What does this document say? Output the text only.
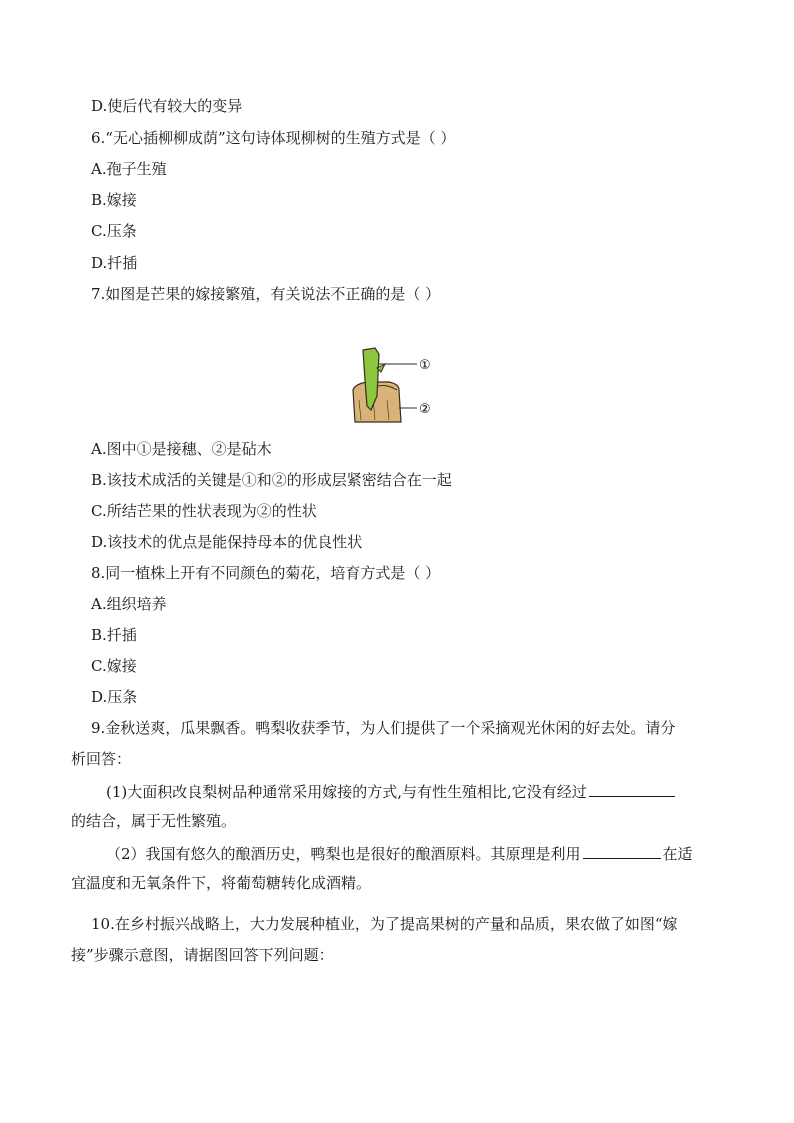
D.使后代有较大的变异
6.“无心插柳柳成荫”这句诗体现柳树的生殖方式是（ ）
A.孢子生殖
B.嫁接
C.压条
D.扦插
7.如图是芒果的嫁接繁殖，有关说法不正确的是（ ）
①
②
A.图中①是接穗、②是砧木
B.该技术成活的关键是①和②的形成层紧密结合在一起
C.所结芒果的性状表现为②的性状
D.该技术的优点是能保持母本的优良性状
8.同一植株上开有不同颜色的菊花，培育方式是（ ）
A.组织培养
B.扦插
C.嫁接
D.压条
9.金秋送爽，瓜果飘香。鸭梨收获季节，为人们提供了一个采摘观光休闲的好去处。请分
析回答：
(1)大面积改良梨树品种通常采用嫁接的方式,与有性生殖相比,它没有经过
的结合，属于无性繁殖。
（2）我国有悠久的酿酒历史，鸭梨也是很好的酿酒原料。其原理是利用	在适
宜温度和无氧条件下，将葡萄糖转化成酒精。
10.在乡村振兴战略上，大力发展种植业，为了提高果树的产量和品质，果农做了如图“嫁
接”步骤示意图，请据图回答下列问题：
